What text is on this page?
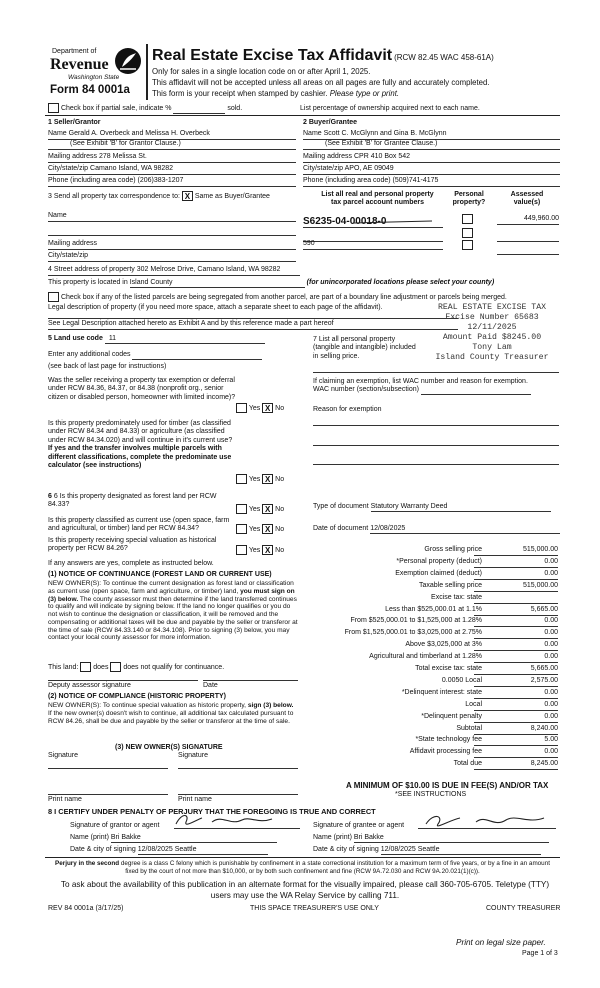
Department of
Revenue
Washington State
Form 84 0001a
Real Estate Excise Tax Affidavit (RCW 82.45 WAC 458-61A)
Only for sales in a single location code on or after April 1, 2025.
This affidavit will not be accepted unless all areas on all pages are fully and accurately completed.
This form is your receipt when stamped by cashier. Please type or print.
Check box if partial sale, indicate %	sold.	List percentage of ownership acquired next to each name.
1 Seller/Grantor
Name Gerald A. Overbeck and Melissa H. Overbeck
(See Exhibit 'B' for Grantor Clause.)
Mailing address 278 Melissa St.
City/state/zip Camano Island, WA 98282
Phone (including area code) (206)383-1207
2 Buyer/Grantee
Name Scott C. McGlynn and Gina B. McGlynn
(See Exhibit 'B' for Grantee Clause.)
Mailing address CPR 410 Box 542
City/state/zip APO, AE 09049
Phone (including area code) (509)741-4175
3 Send all property tax correspondence to: X Same as Buyer/Grantee
Name
Mailing address
City/state/zip
List all real and personal property
tax parcel account numbers
Personal
property?
Assessed
value(s)
S6235-04-00018-0	449,960.00
590
4 Street address of property 302 Melrose Drive, Camano Island, WA 98282
This property is located in Island County	(for unincorporated locations please select your county)
Check box if any of the listed parcels are being segregated from another parcel, are part of a boundary line adjustment or parcels being merged.
Legal description of property (if you need more space, attach a separate sheet to each page of the affidavit).
See Legal Description attached hereto as Exhibit A and by this reference made a part hereof
REAL ESTATE EXCISE TAX
Excise Number 65683
12/11/2025
Amount Paid $8245.00
Tony Lam
Island County Treasurer
5 Land use code 11
Enter any additional codes
(see back of last page for instructions)
Was the seller receiving a property tax exemption or deferral under RCW 84.36, 84.37, or 84.38 (nonprofit org., senior citizen or disabled person, homeowner with limited income)?
Yes X No
Is this property predominately used for timber (as classified under RCW 84.34 and 84.33) or agriculture (as classified under RCW 84.34.020) and will continue in it's current use? If yes and the transfer involves multiple parcels with different classifications, complete the predominate use calculator (see instructions)
Yes X No
7 List all personal property (tangible and intangible) included in selling price.
If claiming an exemption, list WAC number and reason for exemption.
WAC number (section/subsection)
Reason for exemption
Type of document Statutory Warranty Deed
Date of document 12/08/2025
6 6 Is this property designated as forest land per RCW 84.33?
Yes X No
Is this property classified as current use (open space, farm and agricultural, or timber) land per RCW 84.34?	Yes X No
Is this property receiving special valuation as historical property per RCW 84.26?	Yes X No
If any answers are yes, complete as instructed below.
(1) NOTICE OF CONTINUANCE (FOREST LAND OR CURRENT USE)
NEW OWNER(S): To continue the current designation as forest land or classification as current use (open space, farm and agriculture, or timber) land, you must sign on (3) below. The county assessor must then determine if the land transferred continues to qualify and will indicate by signing below. If the land no longer qualifies or you do not wish to continue the designation or classification, it will be removed and the compensating or additional taxes will be due and payable by the seller or transferor at the time of sale (RCW 84.33.140 or 84.34.108). Prior to signing (3) below, you may contact your local county assessor for more information.
This land: does does not qualify for continuance.
Deputy assessor signature	Date
(2) NOTICE OF COMPLIANCE (HISTORIC PROPERTY)
NEW OWNER(S): To continue special valuation as historic property, sign (3) below. If the new owner(s) doesn't wish to continue, all additional tax calculated pursuant to RCW 84.26, shall be due and payable by the seller or transferor at the time of sale.
(3) NEW OWNER(S) SIGNATURE
Signature	Signature
Print name	Print name
Gross selling price	515,000.00
*Personal property (deduct)	0.00
Exemption claimed (deduct)	0.00
Taxable selling price	515,000.00
Excise tax: state
Less than $525,000.01 at 1.1%	5,665.00
From $525,000.01 to $1,525,000 at 1.28%	0.00
From $1,525,000.01 to $3,025,000 at 2.75%	0.00
Above $3,025,000 at 3%	0.00
Agricultural and timberland at 1.28%	0.00
Total excise tax: state	5,665.00
0.0050 Local	2,575.00
*Delinquent interest: state	0.00
Local	0.00
*Delinquent penalty	0.00
Subtotal	8,240.00
*State technology fee	5.00
Affidavit processing fee	0.00
Total due	8,245.00
A MINIMUM OF $10.00 IS DUE IN FEE(S) AND/OR TAX
*SEE INSTRUCTIONS
8 I CERTIFY UNDER PENALTY OF PERJURY THAT THE FOREGOING IS TRUE AND CORRECT
Signature of grantor or agent
Name (print) Bri Bakke
Date & city of signing 12/08/2025 Seattle
Signature of grantee or agent
Name (print) Bri Bakke
Date & city of signing 12/08/2025 Seattle
Perjury in the second degree is a class C felony which is punishable by confinement in a state correctional institution for a maximum term of five years, or by a fine in an amount fixed by the court of not more than $10,000, or by both such confinement and fine (RCW 9A.72.030 and RCW 9A.20.021(1)(c)).
To ask about the availability of this publication in an alternate format for the visually impaired, please call 360-705-6705. Teletype (TTY) users may use the WA Relay Service by calling 711.
REV 84 0001a (3/17/25)	THIS SPACE TREASURER'S USE ONLY	COUNTY TREASURER
Print on legal size paper.
Page 1 of 3
